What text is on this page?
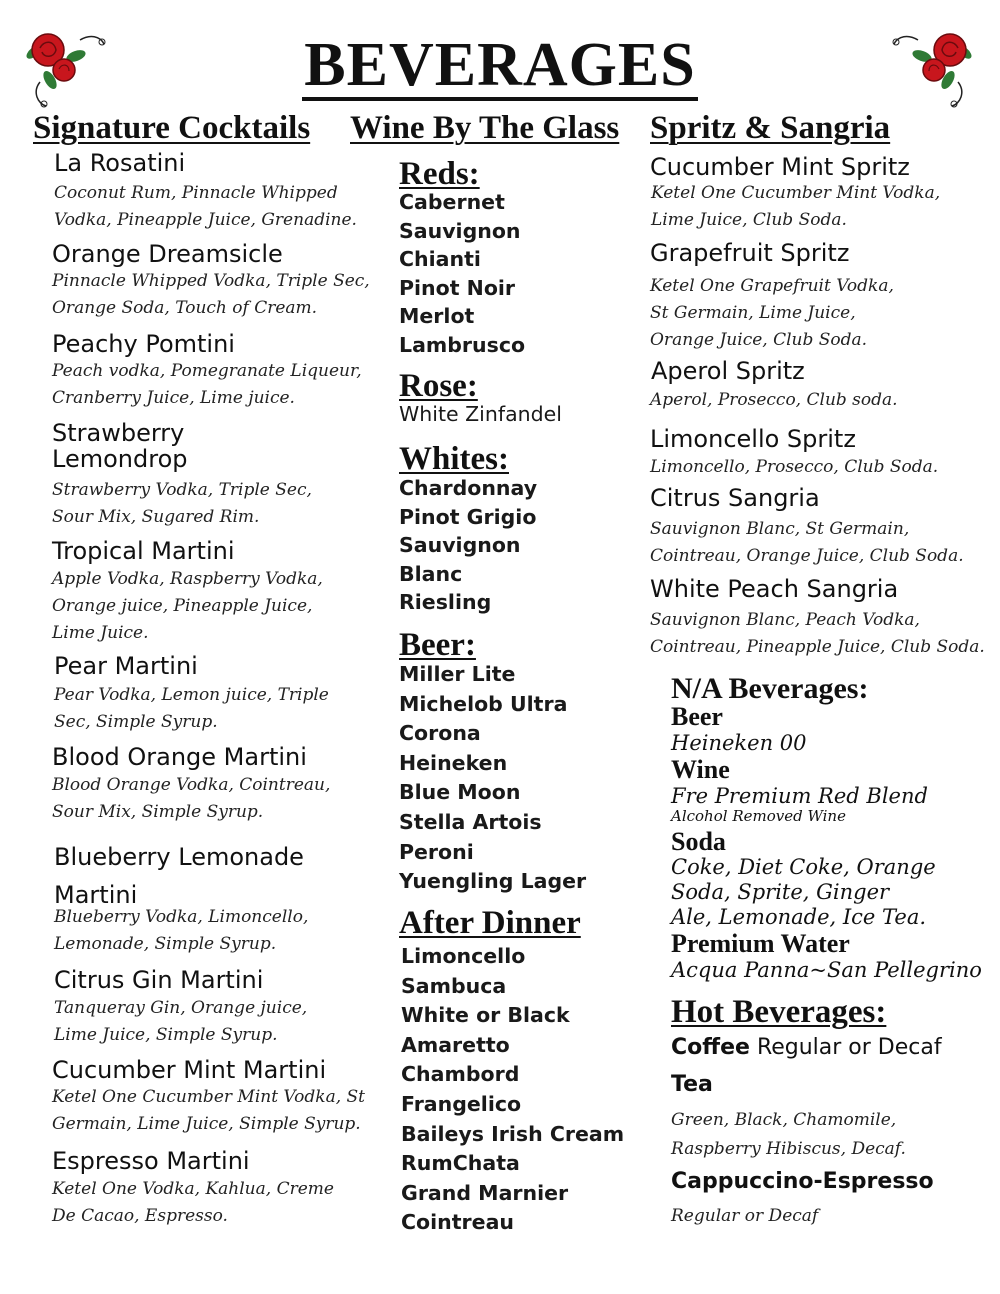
BEVERAGES
Signature Cocktails Wine By The Glass Spritz & Sangria
La Rosatini
Coconut Rum, Pinnacle Whipped Vodka, Pineapple Juice, Grenadine.
Orange Dreamsicle
Pinnacle Whipped Vodka, Triple Sec, Orange Soda, Touch of Cream.
Peachy Pomtini
Peach vodka, Pomegranate Liqueur, Cranberry Juice, Lime juice.
Strawberry Lemondrop
Strawberry Vodka, Triple Sec, Sour Mix, Sugared Rim.
Tropical Martini
Apple Vodka, Raspberry Vodka, Orange juice, Pineapple Juice, Lime Juice.
Pear Martini
Pear Vodka, Lemon juice, Triple Sec, Simple Syrup.
Blood Orange Martini
Blood Orange Vodka, Cointreau, Sour Mix, Simple Syrup.
Blueberry Lemonade Martini
Blueberry Vodka, Limoncello, Lemonade, Simple Syrup.
Citrus Gin Martini
Tanqueray Gin, Orange juice, Lime Juice, Simple Syrup.
Cucumber Mint Martini
Ketel One Cucumber Mint Vodka, St Germain, Lime Juice, Simple Syrup.
Espresso Martini
Ketel One Vodka, Kahlua, Creme De Cacao, Espresso.
Reds:
Cabernet
Sauvignon
Chianti
Pinot Noir
Merlot
Lambrusco
Rose:
White Zinfandel
Whites:
Chardonnay
Pinot Grigio
Sauvignon
Blanc
Riesling
Beer:
Miller Lite
Michelob Ultra
Corona
Heineken
Blue Moon
Stella Artois
Peroni
Yuengling Lager
After Dinner
Limoncello
Sambuca
White or Black
Amaretto
Chambord
Frangelico
Baileys Irish Cream
RumChata
Grand Marnier
Cointreau
Cucumber Mint Spritz
Ketel One Cucumber Mint Vodka, Lime Juice, Club Soda.
Grapefruit Spritz
Ketel One Grapefruit Vodka, St Germain, Lime Juice, Orange Juice, Club Soda.
Aperol Spritz
Aperol, Prosecco, Club soda.
Limoncello Spritz
Limoncello, Prosecco, Club Soda.
Citrus Sangria
Sauvignon Blanc, St Germain, Cointreau, Orange Juice, Club Soda.
White Peach Sangria
Sauvignon Blanc, Peach Vodka, Cointreau, Pineapple Juice, Club Soda.
N/A Beverages:
Beer
Heineken 00
Wine
Fre Premium Red Blend
Alcohol Removed Wine
Soda
Coke, Diet Coke, Orange Soda, Sprite, Ginger Ale, Lemonade, Ice Tea.
Premium Water
Acqua Panna~San Pellegrino
Hot Beverages:
Coffee Regular or Decaf
Tea
Green, Black, Chamomile, Raspberry Hibiscus, Decaf.
Cappuccino-Espresso
Regular or Decaf
